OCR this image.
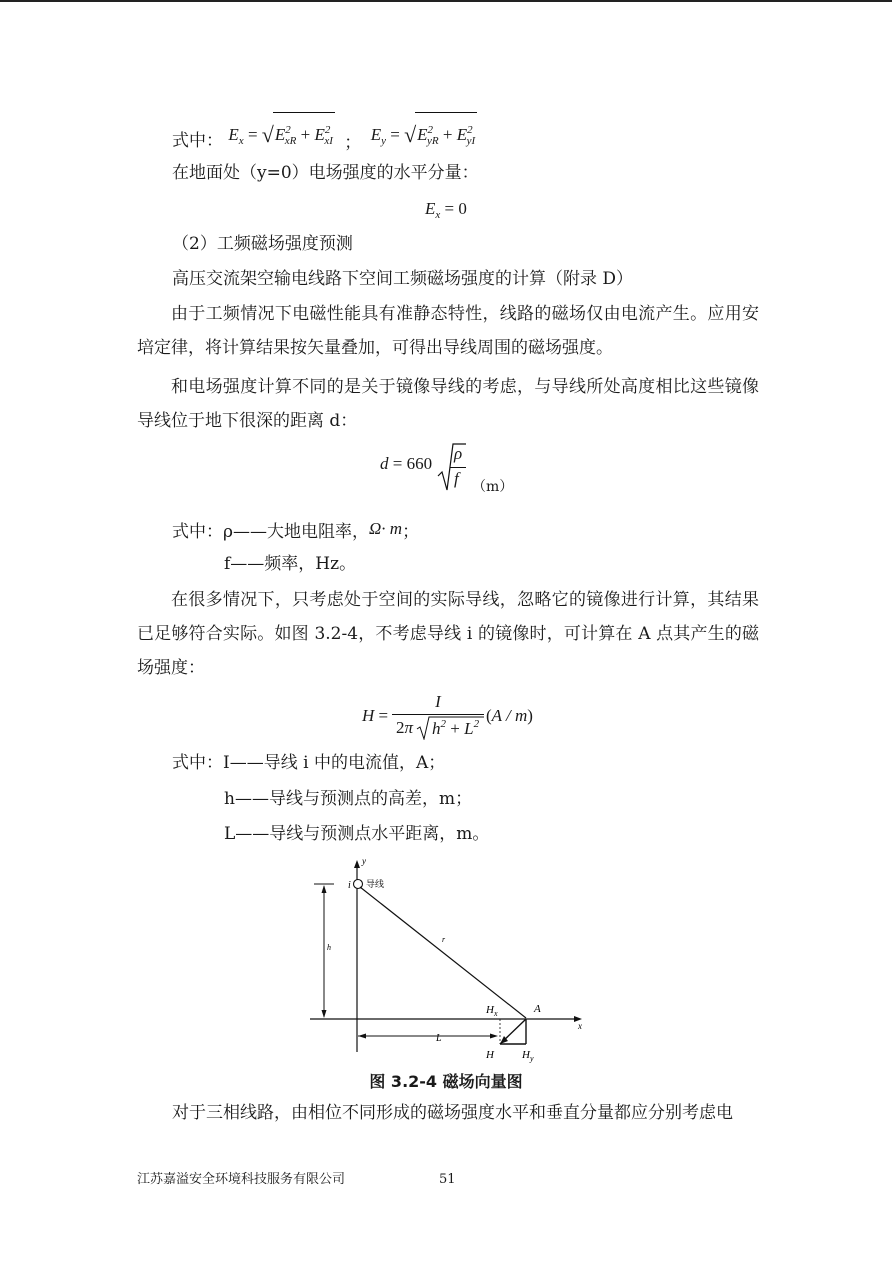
式中： $E_x = √E^2_{xR} + E^2_{xI}$ ； $E_y = √E^2_{yR} + E^2_{yI}$
在地面处（y=0）电场强度的水平分量：
$E_x = 0$
（2）工频磁场强度预测
高压交流架空输电线路下空间工频磁场强度的计算（附录 D）
由于工频情况下电磁性能具有准静态特性，线路的磁场仅由电流产生。应用安培定律，将计算结果按矢量叠加，可得出导线周围的磁场强度。
和电场强度计算不同的是关于镜像导线的考虑，与导线所处高度相比这些镜像导线位于地下很深的距离 d：
d = 660
ρ
f （m）
式中：ρ——大地电阻率，Ω· m；
f——频率，Hz。
在很多情况下，只考虑处于空间的实际导线，忽略它的镜像进行计算，其结果已足够符合实际。如图 3.2-4，不考虑导线 i 的镜像时，可计算在 A 点其产生的磁场强度：
H =
I
2π $h^2 + L^2$ (A / m)
式中：I——导线 i 中的电流值，A；
h——导线与预测点的高差，m；
L——导线与预测点水平距离，m。
y
x
i 导线
h
r
A
$H_x$
L
H	$H_y$
图 3.2-4 磁场向量图
对于三相线路，由相位不同形成的磁场强度水平和垂直分量都应分别考虑电
江苏嘉溢安全环境科技服务有限公司	51
